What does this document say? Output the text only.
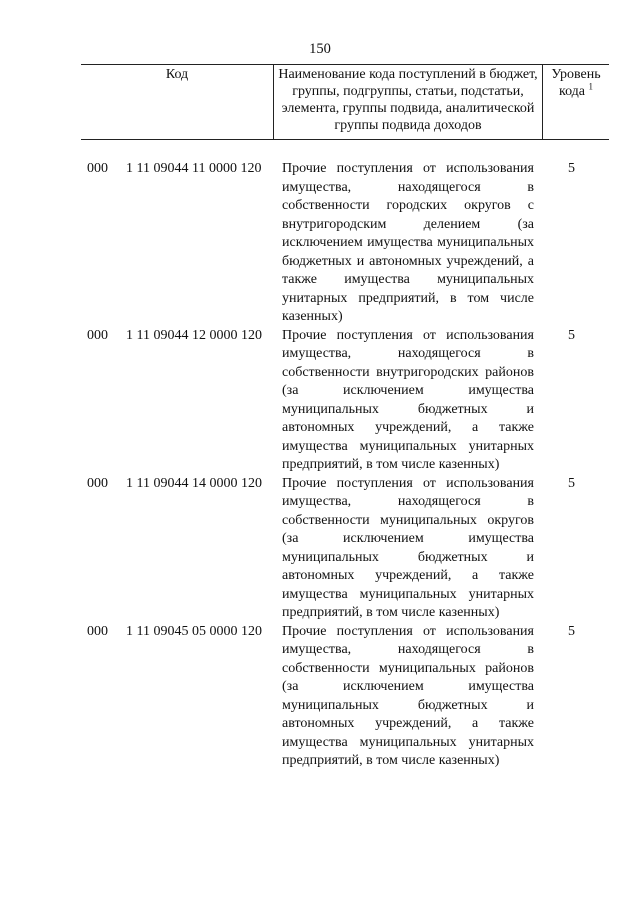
150
Код	Наименование кода поступлений в бюджет, группы, подгруппы, статьи, подстатьи, элемента, группы подвида, аналитической группы подвида доходов
Уровень кода $^1$
000 1 11 09044 11 0000 120 Прочие поступления от использования имущества, находящегося в собственности городских округов с внутригородским делением (за исключением имущества муниципальных бюджетных и автономных учреждений, а также имущества муниципальных унитарных предприятий, в том числе казенных)
5
000 1 11 09044 12 0000 120 Прочие поступления от использования имущества, находящегося в собственности внутригородских районов (за исключением имущества муниципальных бюджетных и автономных учреждений, а также имущества муниципальных унитарных предприятий, в том числе казенных)
5
000 1 11 09044 14 0000 120 Прочие поступления от использования имущества, находящегося в собственности муниципальных округов (за исключением имущества муниципальных бюджетных и автономных учреждений, а также имущества муниципальных унитарных предприятий, в том числе казенных)
5
000 1 11 09045 05 0000 120 Прочие поступления от использования имущества, находящегося в собственности муниципальных районов (за исключением имущества муниципальных бюджетных и автономных учреждений, а также имущества муниципальных унитарных предприятий, в том числе казенных)
5
